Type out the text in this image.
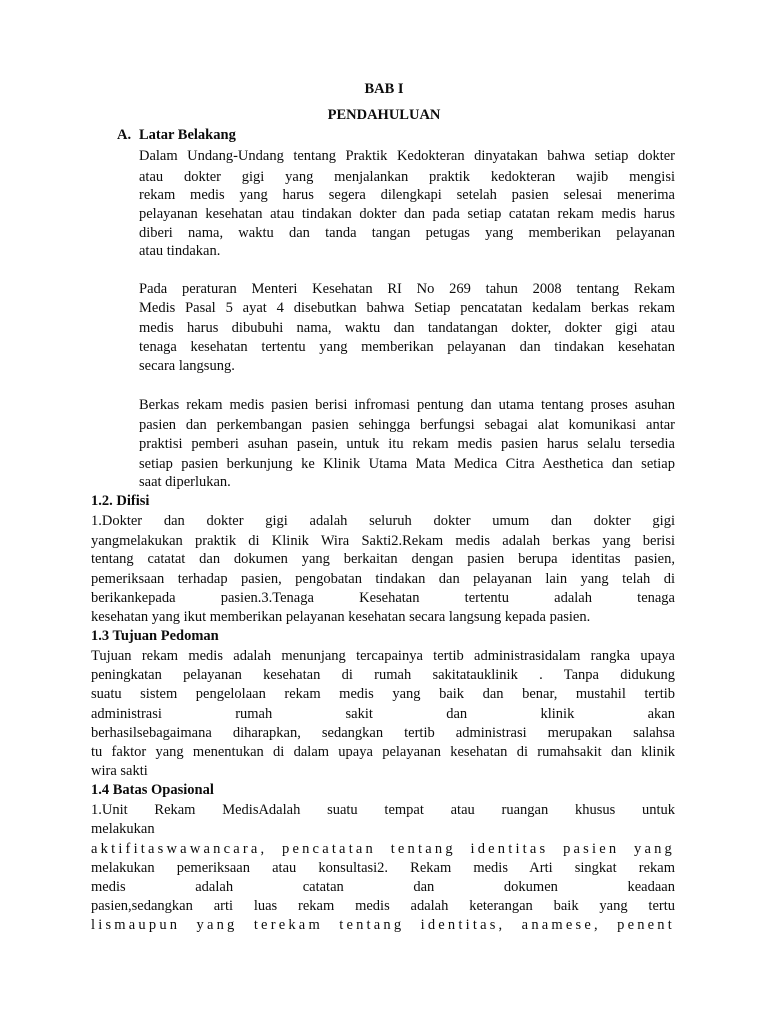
BAB I
PENDAHULUAN
A. Latar Belakang
Dalam Undang-Undang tentang Praktik Kedokteran dinyatakan bahwa setiap dokter
atau dokter gigi yang menjalankan praktik kedokteran wajib mengisi
rekam medis yang harus segera dilengkapi setelah pasien selesai menerima
pelayanan kesehatan atau tindakan dokter dan pada setiap catatan rekam medis harus
diberi nama, waktu dan tanda tangan petugas yang memberikan pelayanan
atau tindakan.
Pada peraturan Menteri Kesehatan RI No 269 tahun 2008 tentang Rekam
Medis Pasal 5 ayat 4 disebutkan bahwa Setiap pencatatan kedalam berkas rekam
medis harus dibubuhi nama, waktu dan tandatangan dokter, dokter gigi atau
tenaga kesehatan tertentu yang memberikan pelayanan dan tindakan kesehatan
secara langsung.
Berkas rekam medis pasien berisi infromasi pentung dan utama tentang proses asuhan
pasien dan perkembangan pasien sehingga berfungsi sebagai alat komunikasi antar
praktisi pemberi asuhan pasein, untuk itu rekam medis pasien harus selalu tersedia
setiap pasien berkunjung ke Klinik Utama Mata Medica Citra Aesthetica dan setiap
saat diperlukan.
1.2. Difisi
1.Dokter dan dokter gigi adalah seluruh dokter umum dan dokter gigi
yangmelakukan praktik di Klinik Wira Sakti2.Rekam medis adalah berkas yang berisi
tentang catatat dan dokumen yang berkaitan dengan pasien berupa identitas pasien,
pemeriksaan terhadap pasien, pengobatan tindakan dan pelayanan lain yang telah di
berikankepada pasien.3.Tenaga Kesehatan tertentu adalah tenaga
kesehatan yang ikut memberikan pelayanan kesehatan secara langsung kepada pasien.
1.3 Tujuan Pedoman
Tujuan rekam medis adalah menunjang tercapainya tertib administrasidalam rangka upaya
peningkatan pelayanan kesehatan di rumah sakitatauklinik . Tanpa didukung
suatu sistem pengelolaan rekam medis yang baik dan benar, mustahil tertib
administrasi rumah sakit dan klinik akan
berhasilsebagaimana diharapkan, sedangkan tertib administrasi merupakan salahsa
tu faktor yang menentukan di dalam upaya pelayanan kesehatan di rumahsakit dan klinik
wira sakti
1.4 Batas Opasional
1.Unit Rekam MedisAdalah suatu tempat atau ruangan khusus untuk
melakukan
aktifitaswawancara, pencatatan tentang identitas pasien yang
melakukan pemeriksaan atau konsultasi2. Rekam medis Arti singkat rekam
medis adalah catatan dan dokumen keadaan
pasien,sedangkan arti luas rekam medis adalah keterangan baik yang tertu
lismaupun yang terekam tentang identitas, anamese, penent
